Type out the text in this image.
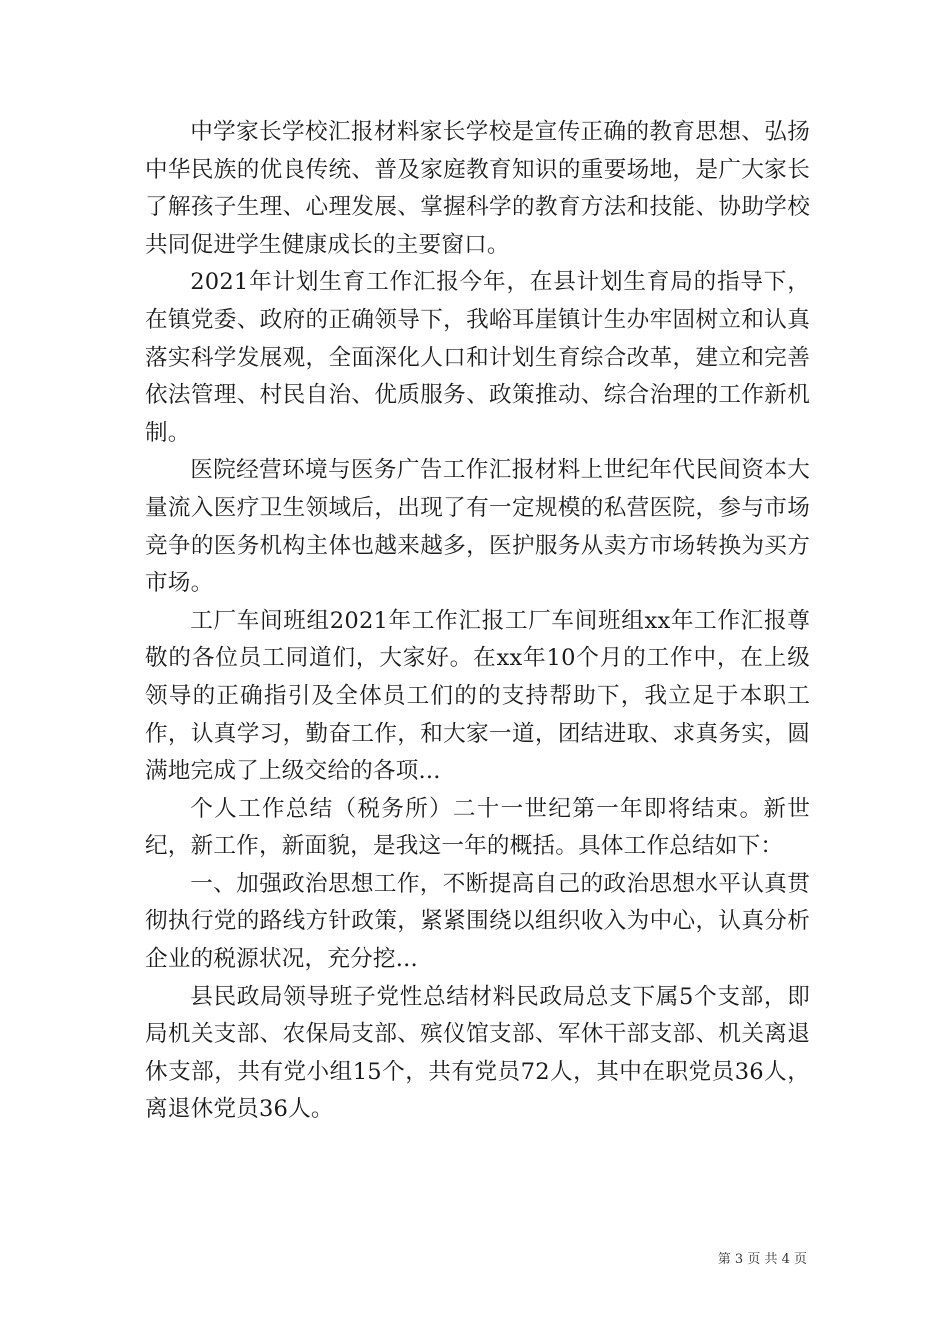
中学家长学校汇报材料家长学校是宣传正确的教育思想、弘扬中华民族的优良传统、普及家庭教育知识的重要场地，是广大家长了解孩子生理、心理发展、掌握科学的教育方法和技能、协助学校共同促进学生健康成长的主要窗口。

2021年计划生育工作汇报今年，在县计划生育局的指导下，在镇党委、政府的正确领导下，我峪耳崖镇计生办牢固树立和认真落实科学发展观，全面深化人口和计划生育综合改革，建立和完善依法管理、村民自治、优质服务、政策推动、综合治理的工作新机制。

医院经营环境与医务广告工作汇报材料上世纪年代民间资本大量流入医疗卫生领域后，出现了有一定规模的私营医院，参与市场竞争的医务机构主体也越来越多，医护服务从卖方市场转换为买方市场。

工厂车间班组2021年工作汇报工厂车间班组xx年工作汇报尊敬的各位员工同道们，大家好。在xx年10个月的工作中，在上级领导的正确指引及全体员工们的的支持帮助下，我立足于本职工作，认真学习，勤奋工作，和大家一道，团结进取、求真务实，圆满地完成了上级交给的各项...

个人工作总结（税务所）二十一世纪第一年即将结束。新世纪，新工作，新面貌，是我这一年的概括。具体工作总结如下：

一、加强政治思想工作，不断提高自己的政治思想水平认真贯彻执行党的路线方针政策，紧紧围绕以组织收入为中心，认真分析企业的税源状况，充分挖...

县民政局领导班子党性总结材料民政局总支下属5个支部，即局机关支部、农保局支部、殡仪馆支部、军休干部支部、机关离退休支部，共有党小组15个，共有党员72人，其中在职党员36人，离退休党员36人。

第 3 页 共 4 页
